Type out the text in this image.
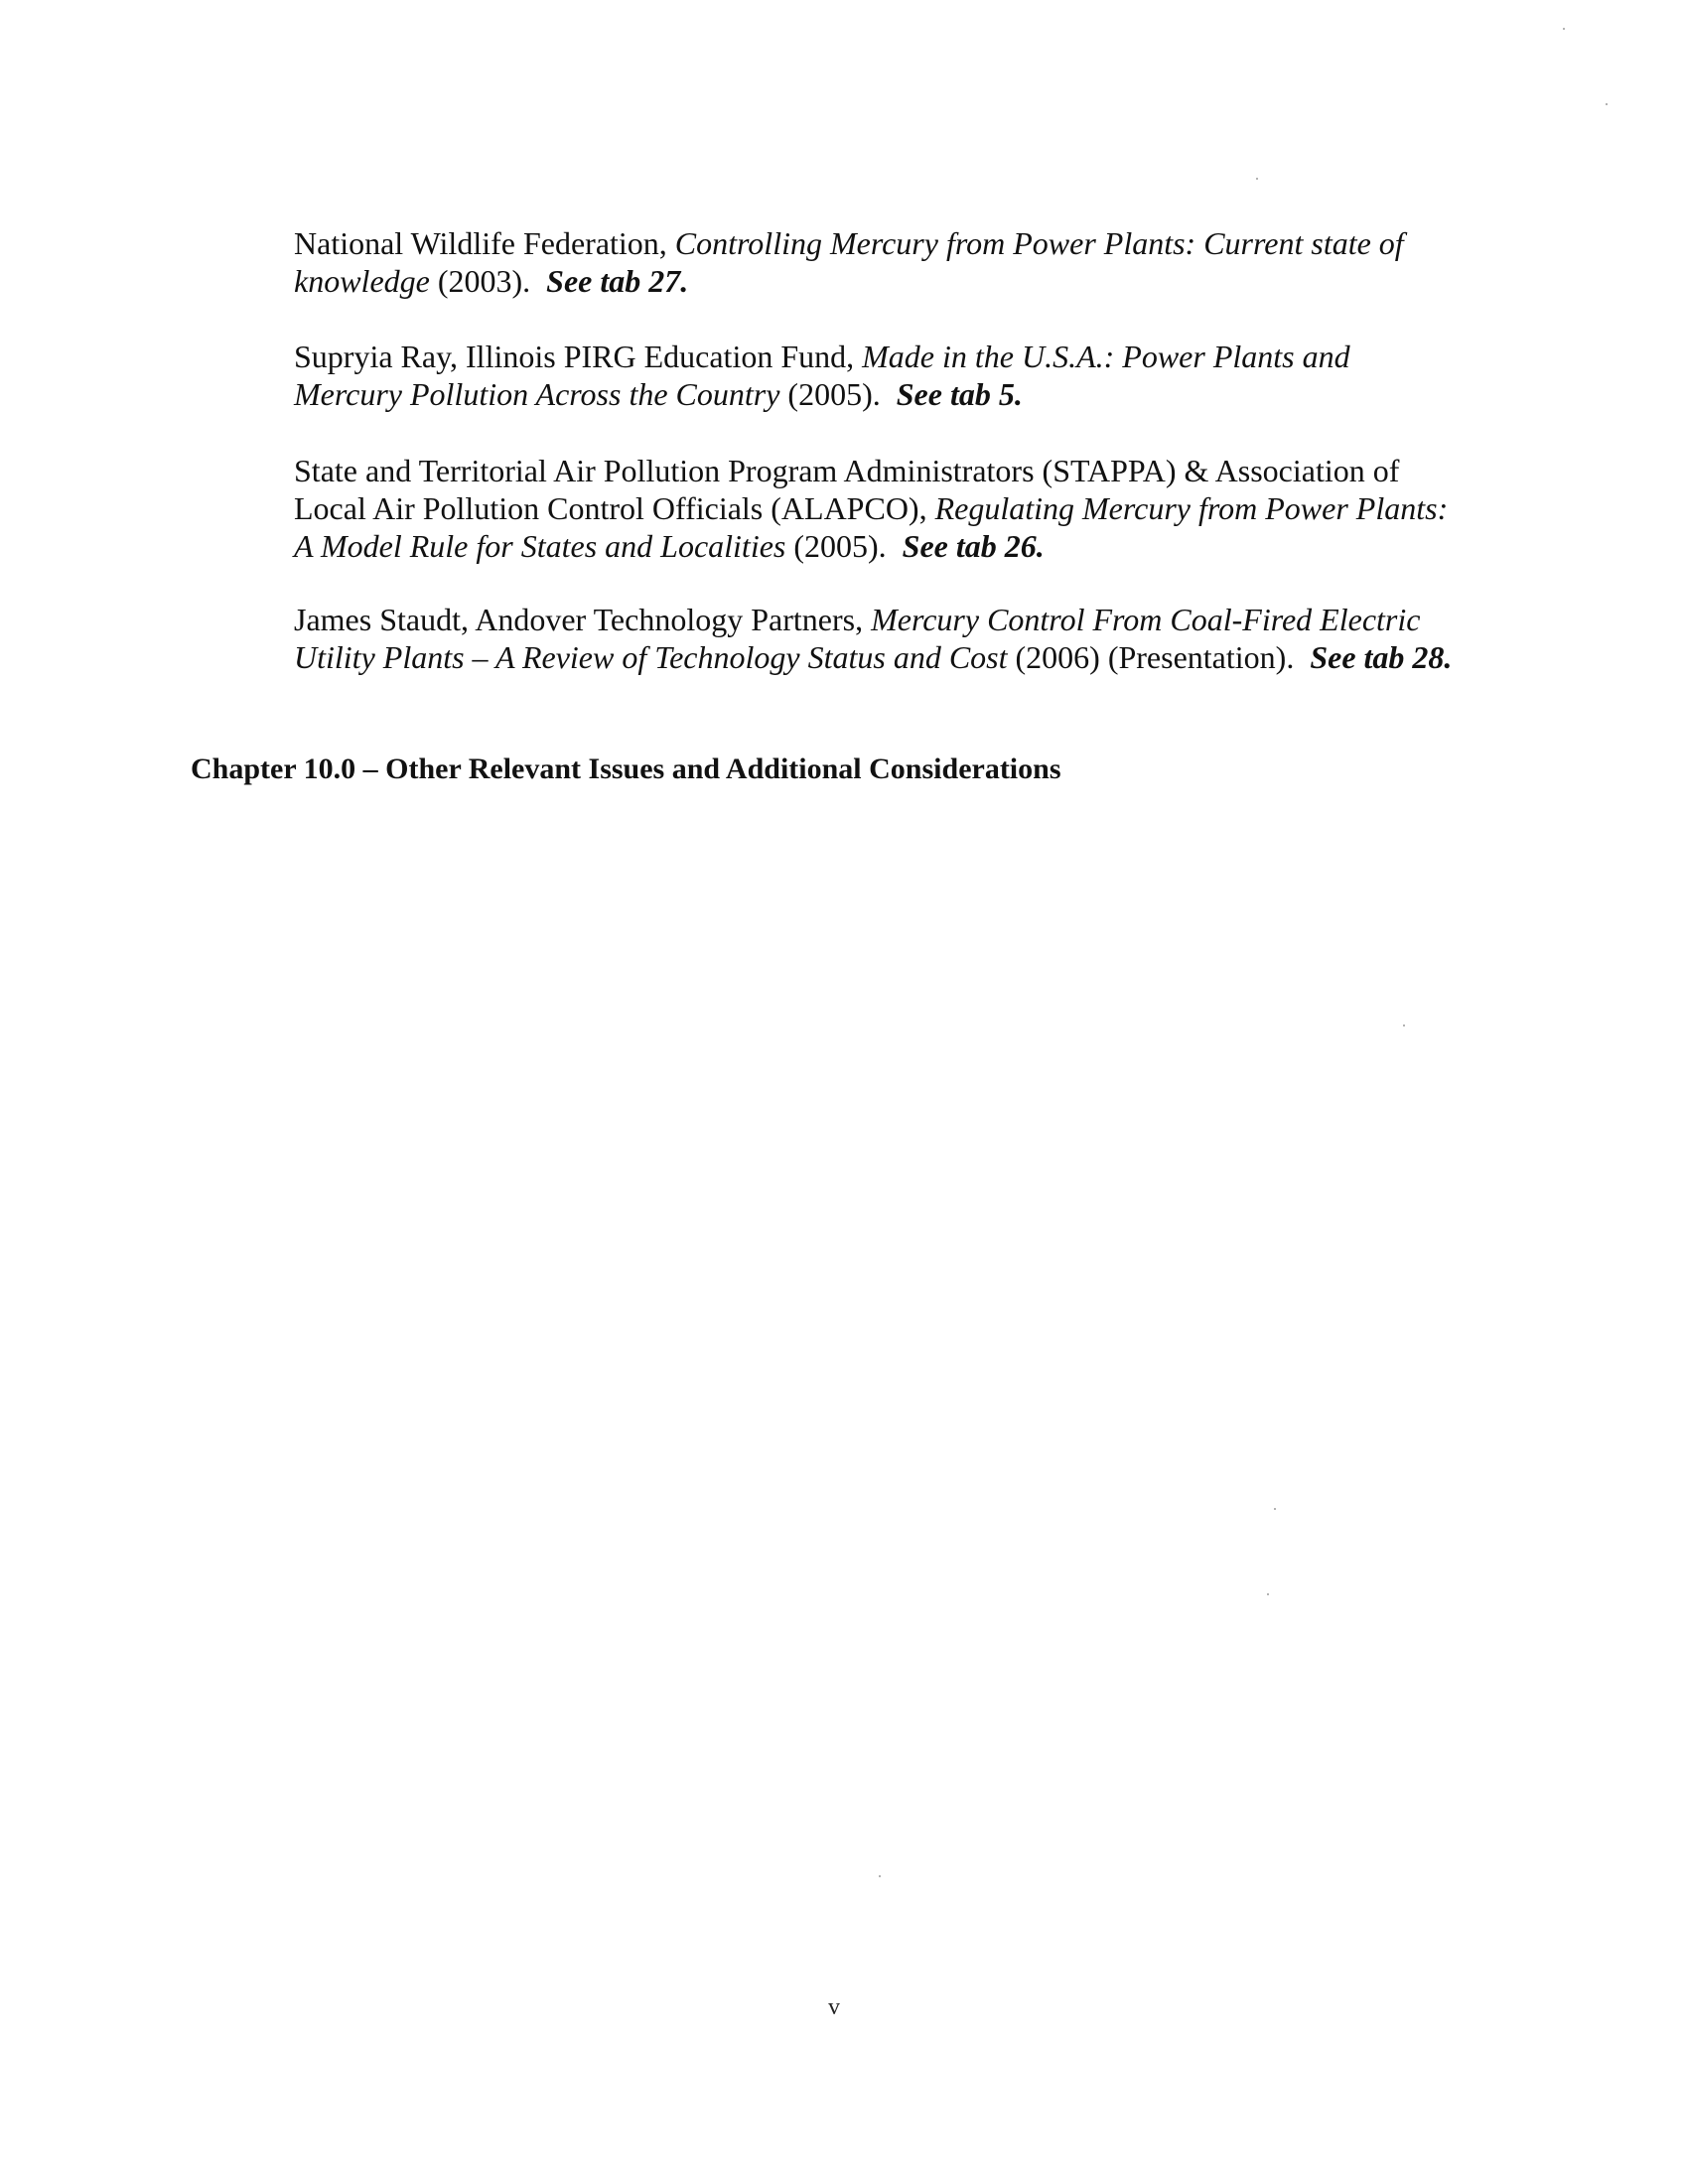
National Wildlife Federation, Controlling Mercury from Power Plants: Current state of knowledge (2003). See tab 27.

Supryia Ray, Illinois PIRG Education Fund, Made in the U.S.A.: Power Plants and Mercury Pollution Across the Country (2005). See tab 5.

State and Territorial Air Pollution Program Administrators (STAPPA) & Association of Local Air Pollution Control Officials (ALAPCO), Regulating Mercury from Power Plants: A Model Rule for States and Localities (2005). See tab 26.

James Staudt, Andover Technology Partners, Mercury Control From Coal-Fired Electric Utility Plants – A Review of Technology Status and Cost (2006) (Presentation). See tab 28.

Chapter 10.0 – Other Relevant Issues and Additional Considerations
v
